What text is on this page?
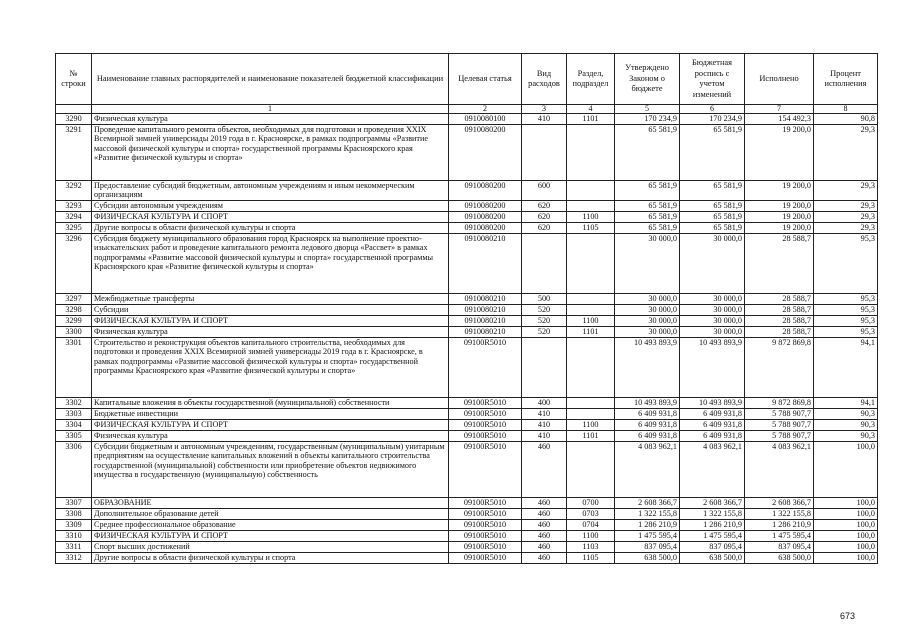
№ строки	Наименование главных распорядителей и наименование показателей бюджетной классификации	Целевая статья	Вид расходов	Раздел, подраздел	Утверждено Законом о бюджете	Бюджетная роспись с учетом изменений	Исполнено	Процент исполнения
	1	2	3	4	5	6	7	8
3290	Физическая культура	0910080100	410	1101	170 234,9	170 234,9	154 492,3	90,8
3291	Проведение капитального ремонта объектов, необходимых для подготовки и проведения XXIX Всемирной зимней универсиады 2019 года в г. Красноярске, в рамках подпрограммы «Развитие массовой физической культуры и спорта» государственной программы Красноярского края «Развитие физической культуры и спорта»	0910080200			65 581,9	65 581,9	19 200,0	29,3
3292	Предоставление субсидий бюджетным, автономным учреждениям и иным некоммерческим организациям	0910080200	600		65 581,9	65 581,9	19 200,0	29,3
3293	Субсидии автономным учреждениям	0910080200	620		65 581,9	65 581,9	19 200,0	29,3
3294	ФИЗИЧЕСКАЯ КУЛЬТУРА И СПОРТ	0910080200	620	1100	65 581,9	65 581,9	19 200,0	29,3
3295	Другие вопросы в области физической культуры и спорта	0910080200	620	1105	65 581,9	65 581,9	19 200,0	29,3
3296	Субсидия бюджету муниципального образования город Красноярск на выполнение проектно-изыскательских работ и проведение капитального ремонта ледового дворца «Рассвет» в рамках подпрограммы «Развитие массовой физической культуры и спорта» государственной программы Красноярского края «Развитие физической культуры и спорта»	0910080210			30 000,0	30 000,0	28 588,7	95,3
3297	Межбюджетные трансферты	0910080210	500		30 000,0	30 000,0	28 588,7	95,3
3298	Субсидии	0910080210	520		30 000,0	30 000,0	28 588,7	95,3
3299	ФИЗИЧЕСКАЯ КУЛЬТУРА И СПОРТ	0910080210	520	1100	30 000,0	30 000,0	28 588,7	95,3
3300	Физическая культура	0910080210	520	1101	30 000,0	30 000,0	28 588,7	95,3
3301	Строительство и реконструкция объектов капитального строительства, необходимых для подготовки и проведения XXIX Всемирной зимней универсиады 2019 года в г. Красноярске, в рамках подпрограммы «Развитие массовой физической культуры и спорта» государственной программы Красноярского края «Развитие физической культуры и спорта»	09100R5010			10 493 893,9	10 493 893,9	9 872 869,8	94,1
3302	Капитальные вложения в объекты государственной (муниципальной) собственности	09100R5010	400		10 493 893,9	10 493 893,9	9 872 869,8	94,1
3303	Бюджетные инвестиции	09100R5010	410		6 409 931,8	6 409 931,8	5 788 907,7	90,3
3304	ФИЗИЧЕСКАЯ КУЛЬТУРА И СПОРТ	09100R5010	410	1100	6 409 931,8	6 409 931,8	5 788 907,7	90,3
3305	Физическая культура	09100R5010	410	1101	6 409 931,8	6 409 931,8	5 788 907,7	90,3
3306	Субсидии бюджетным и автономным учреждениям, государственным (муниципальным) унитарным предприятиям на осуществление капитальных вложений в объекты капитального строительства государственной (муниципальной) собственности или приобретение объектов недвижимого имущества в государственную (муниципальную) собственность	09100R5010	460		4 083 962,1	4 083 962,1	4 083 962,1	100,0
3307	ОБРАЗОВАНИЕ	09100R5010	460	0700	2 608 366,7	2 608 366,7	2 608 366,7	100,0
3308	Дополнительное образование детей	09100R5010	460	0703	1 322 155,8	1 322 155,8	1 322 155,8	100,0
3309	Среднее профессиональное образование	09100R5010	460	0704	1 286 210,9	1 286 210,9	1 286 210,9	100,0
3310	ФИЗИЧЕСКАЯ КУЛЬТУРА И СПОРТ	09100R5010	460	1100	1 475 595,4	1 475 595,4	1 475 595,4	100,0
3311	Спорт высших достижений	09100R5010	460	1103	837 095,4	837 095,4	837 095,4	100,0
3312	Другие вопросы в области физической культуры и спорта	09100R5010	460	1105	638 500,0	638 500,0	638 500,0	100,0
673
